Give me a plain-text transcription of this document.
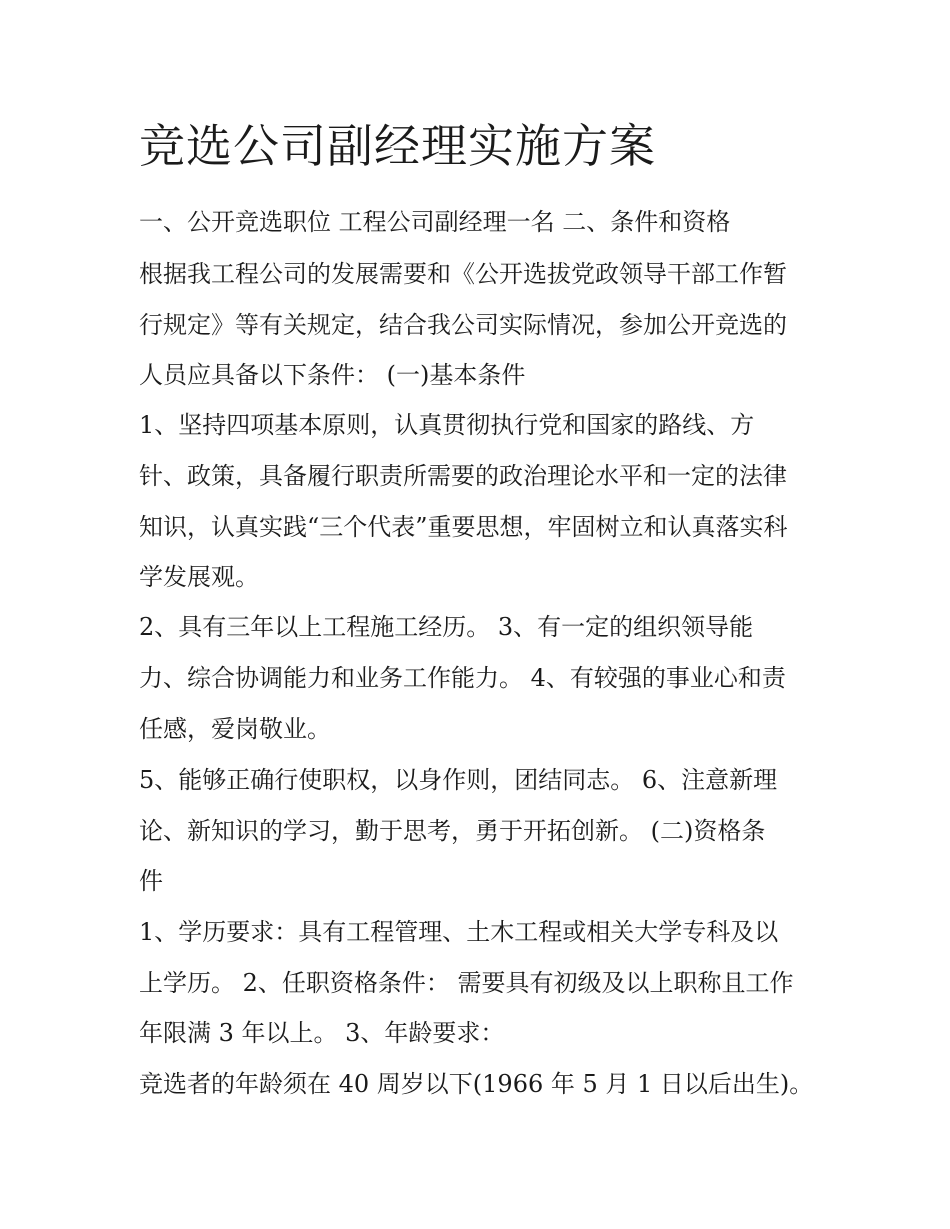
竞选公司副经理实施方案

一、公开竞选职位 工程公司副经理一名 二、条件和资格

根据我工程公司的发展需要和《公开选拔党政领导干部工作暂

行规定》等有关规定，结合我公司实际情况，参加公开竞选的

人员应具备以下条件： (一)基本条件

1、坚持四项基本原则，认真贯彻执行党和国家的路线、方

针、政策，具备履行职责所需要的政治理论水平和一定的法律

知识，认真实践“三个代表”重要思想，牢固树立和认真落实科

学发展观。

2、具有三年以上工程施工经历。 3、有一定的组织领导能

力、综合协调能力和业务工作能力。 4、有较强的事业心和责

任感，爱岗敬业。

5、能够正确行使职权，以身作则，团结同志。 6、注意新理

论、新知识的学习，勤于思考，勇于开拓创新。 (二)资格条

件

1、学历要求：具有工程管理、土木工程或相关大学专科及以

上学历。 2、任职资格条件： 需要具有初级及以上职称且工作

年限满 3 年以上。 3、年龄要求：

竞选者的年龄须在 40 周岁以下(1966 年 5 月 1 日以后出生)。
